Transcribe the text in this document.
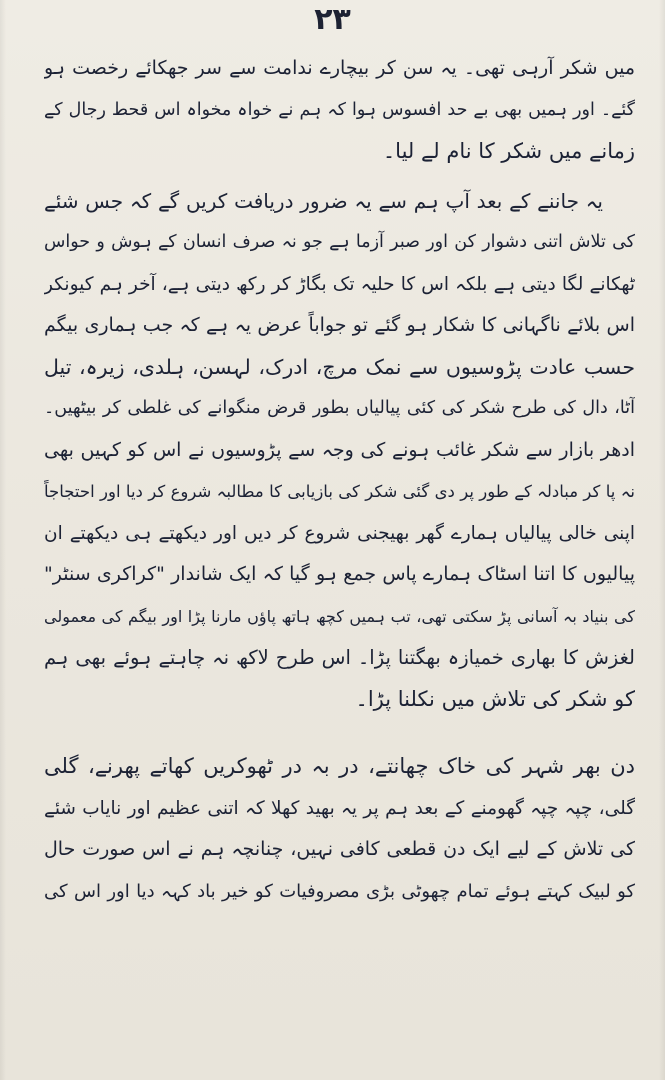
۲۳
میں شکر آرہی تھی۔ یہ سن کر بیچارے ندامت سے سر جھکائے رخصت ہو
گئے۔ اور ہمیں بھی بے حد افسوس ہوا کہ ہم نے خواہ مخواہ اس قحط رجال کے
زمانے میں شکر کا نام لے لیا۔
یہ جاننے کے بعد آپ ہم سے یہ ضرور دریافت کریں گے کہ جس شئے
کی تلاش اتنی دشوار کن اور صبر آزما ہے جو نہ صرف انسان کے ہوش و حواس
ٹھکانے لگا دیتی ہے بلکہ اس کا حلیہ تک بگاڑ کر رکھ دیتی ہے، آخر ہم کیونکر
اس بلائے ناگہانی کا شکار ہو گئے تو جواباً عرض یہ ہے کہ جب ہماری بیگم
حسب عادت پڑوسیوں سے نمک مرچ، ادرک، لہسن، ہلدی، زیرہ، تیل
آٹا، دال کی طرح شکر کی کئی پیالیاں بطور قرض منگوانے کی غلطی کر بیٹھیں۔
ادھر بازار سے شکر غائب ہونے کی وجہ سے پڑوسیوں نے اس کو کہیں بھی
نہ پا کر مبادلہ کے طور پر دی گئی شکر کی بازیابی کا مطالبہ شروع کر دیا اور احتجاجاً
اپنی خالی پیالیاں ہمارے گھر بھیجنی شروع کر دیں اور دیکھتے ہی دیکھتے ان
پیالیوں کا اتنا اسٹاک ہمارے پاس جمع ہو گیا کہ ایک شاندار "کراکری سنٹر"
کی بنیاد بہ آسانی پڑ سکتی تھی، تب ہمیں کچھ ہاتھ پاؤں مارنا پڑا اور بیگم کی معمولی
لغزش کا بھاری خمیازہ بھگتنا پڑا۔ اس طرح لاکھ نہ چاہتے ہوئے بھی ہم
کو شکر کی تلاش میں نکلنا پڑا۔
دن بھر شہر کی خاک چھانتے، در بہ در ٹھوکریں کھاتے پھرنے، گلی
گلی، چپہ چپہ گھومنے کے بعد ہم پر یہ بھید کھلا کہ اتنی عظیم اور نایاب شئے
کی تلاش کے لیے ایک دن قطعی کافی نہیں، چنانچہ ہم نے اس صورت حال
کو لبیک کہتے ہوئے تمام چھوٹی بڑی مصروفیات کو خیر باد کہہ دیا اور اس کی
